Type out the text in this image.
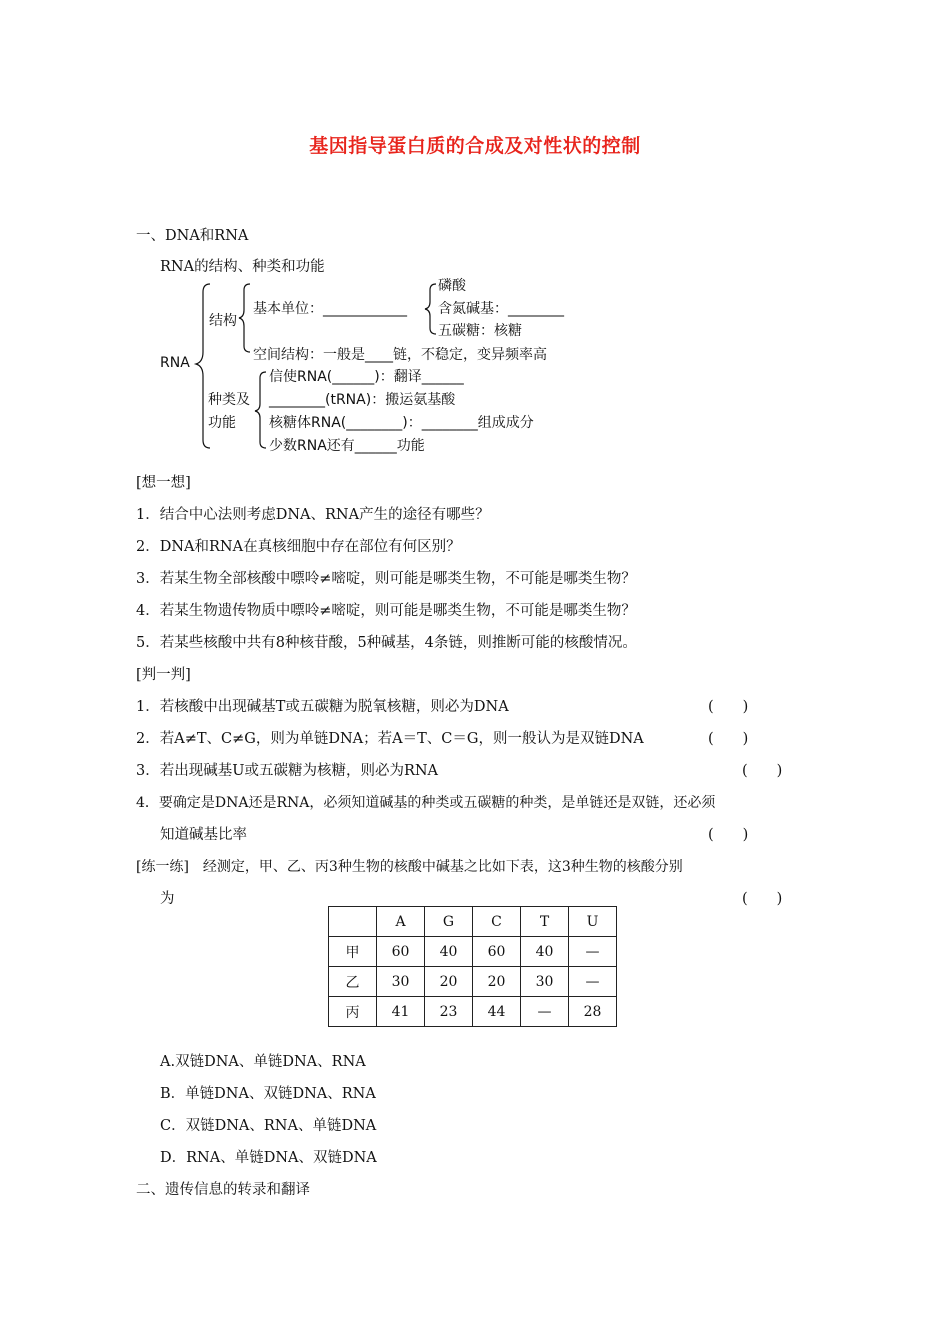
基因指导蛋白质的合成及对性状的控制
一、DNA和RNA
RNA的结构、种类和功能
RNA
结构
基本单位：____________
磷酸
含氮碱基：________
五碳糖：核糖
空间结构：一般是____链，不稳定，变异频率高
种类及
功能
信使RNA(______)：翻译______
________(tRNA)：搬运氨基酸
核糖体RNA(________)：________组成成分
少数RNA还有______功能
[想一想]
1．结合中心法则考虑DNA、RNA产生的途径有哪些？
2．DNA和RNA在真核细胞中存在部位有何区别？
3．若某生物全部核酸中嘌呤≠嘧啶，则可能是哪类生物，不可能是哪类生物？
4．若某生物遗传物质中嘌呤≠嘧啶，则可能是哪类生物，不可能是哪类生物？
5．若某些核酸中共有8种核苷酸，5种碱基，4条链，则推断可能的核酸情况。
[判一判]
1．若核酸中出现碱基T或五碳糖为脱氧核糖，则必为DNA	(　　)
2．若A≠T、C≠G，则为单链DNA；若A＝T、C＝G，则一般认为是双链DNA	(　　)
3．若出现碱基U或五碳糖为核糖，则必为RNA	(　　)
4．要确定是DNA还是RNA，必须知道碱基的种类或五碳糖的种类，是单链还是双链，还必须
知道碱基比率	(　　)
[练一练]　经测定，甲、乙、丙3种生物的核酸中碱基之比如下表，这3种生物的核酸分别
为	(　　)
	A	G	C	T	U
甲	60	40	60	40	—
乙	30	20	20	30	—
丙	41	23	44	—	28
A.双链DNA、单链DNA、RNA
B．单链DNA、双链DNA、RNA
C．双链DNA、RNA、单链DNA
D．RNA、单链DNA、双链DNA
二、遗传信息的转录和翻译
